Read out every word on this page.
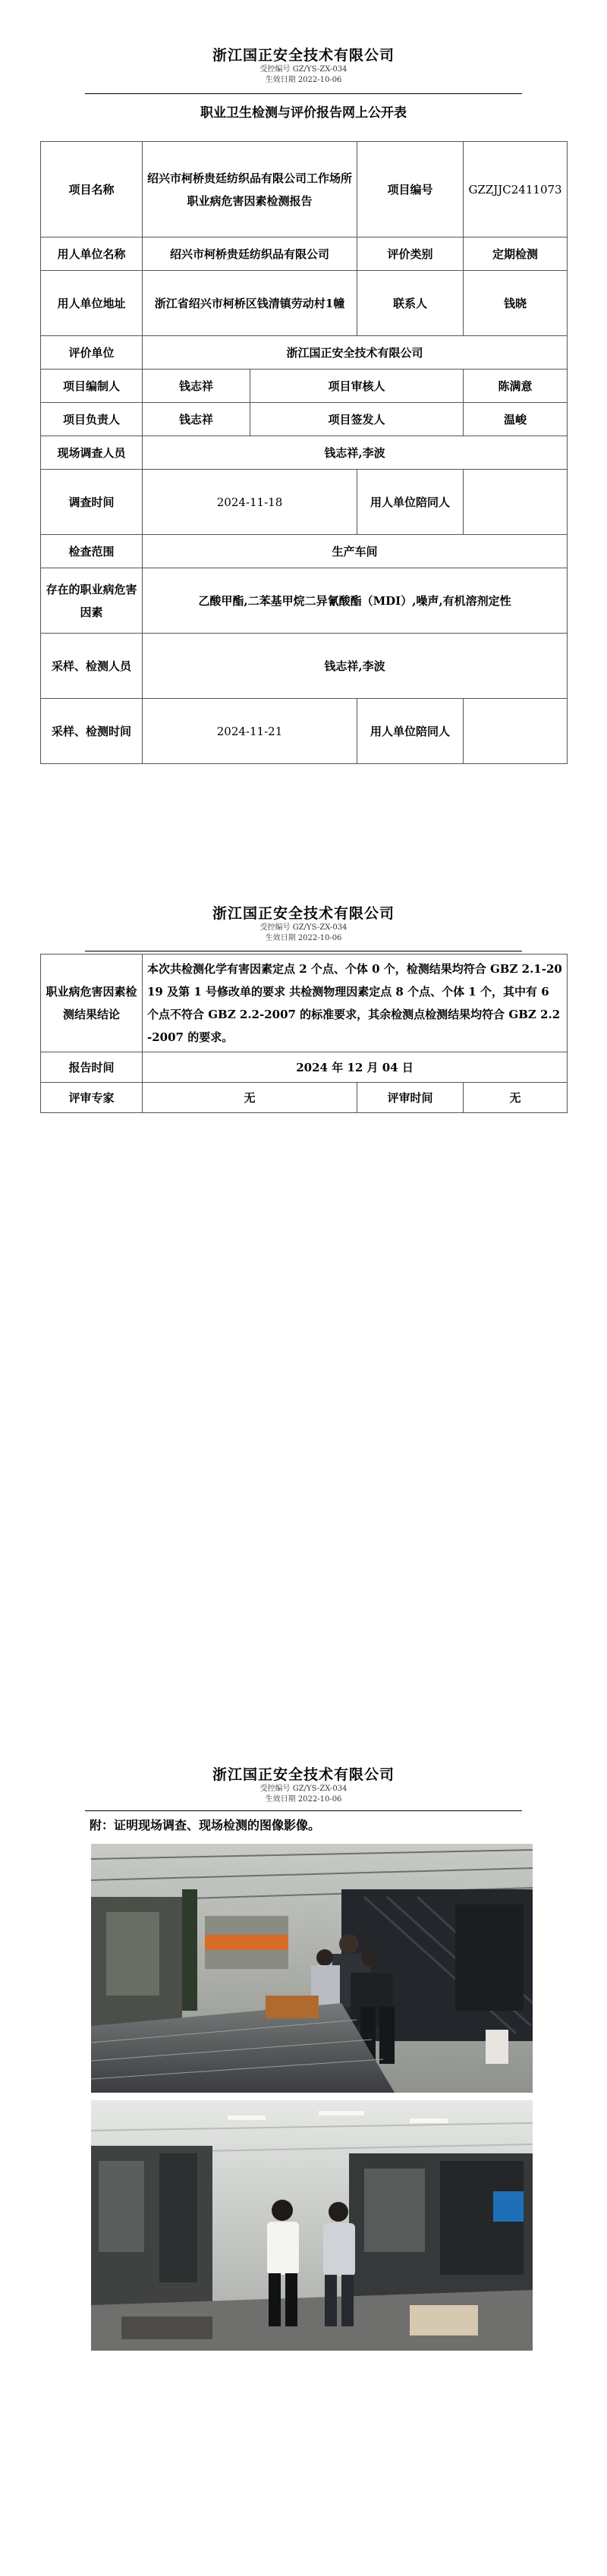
浙江国正安全技术有限公司
受控编号 GZ/YS-ZX-034
生效日期 2022-10-06
职业卫生检测与评价报告网上公开表
项目名称	绍兴市柯桥贵廷纺织品有限公司工作场所职业病危害因素检测报告		项目编号	GZZJJC2411073
用人单位名称	绍兴市柯桥贵廷纺织品有限公司		评价类别	定期检测
用人单位地址	浙江省绍兴市柯桥区钱清镇劳动村1幢		联系人	钱晓
评价单位	浙江国正安全技术有限公司			
项目编制人	钱志祥	项目审核人		陈满意
项目负责人	钱志祥	项目签发人		温峻
现场调查人员	钱志祥,李波			
调查时间	2024-11-18		用人单位陪同人	
检查范围	生产车间			
存在的职业病危害因素	乙酸甲酯,二苯基甲烷二异氰酸酯（MDI）,噪声,有机溶剂定性			
采样、检测人员	钱志祥,李波			
采样、检测时间	2024-11-21		用人单位陪同人	
浙江国正安全技术有限公司
受控编号 GZ/YS-ZX-034
生效日期 2022-10-06
职业病危害因素检测结果结论	本次共检测化学有害因素定点 2 个点、个体 0 个，检测结果均符合 GBZ 2.1-2019 及第 1 号修改单的要求 共检测物理因素定点 8 个点、个体 1 个，其中有 6 个点不符合 GBZ 2.2-2007 的标准要求，其余检测点检测结果均符合 GBZ 2.2-2007 的要求。		
报告时间	2024 年 12 月 04 日		
评审专家	无	评审时间	无
浙江国正安全技术有限公司
受控编号 GZ/YS-ZX-034
生效日期 2022-10-06
附：证明现场调查、现场检测的图像影像。
